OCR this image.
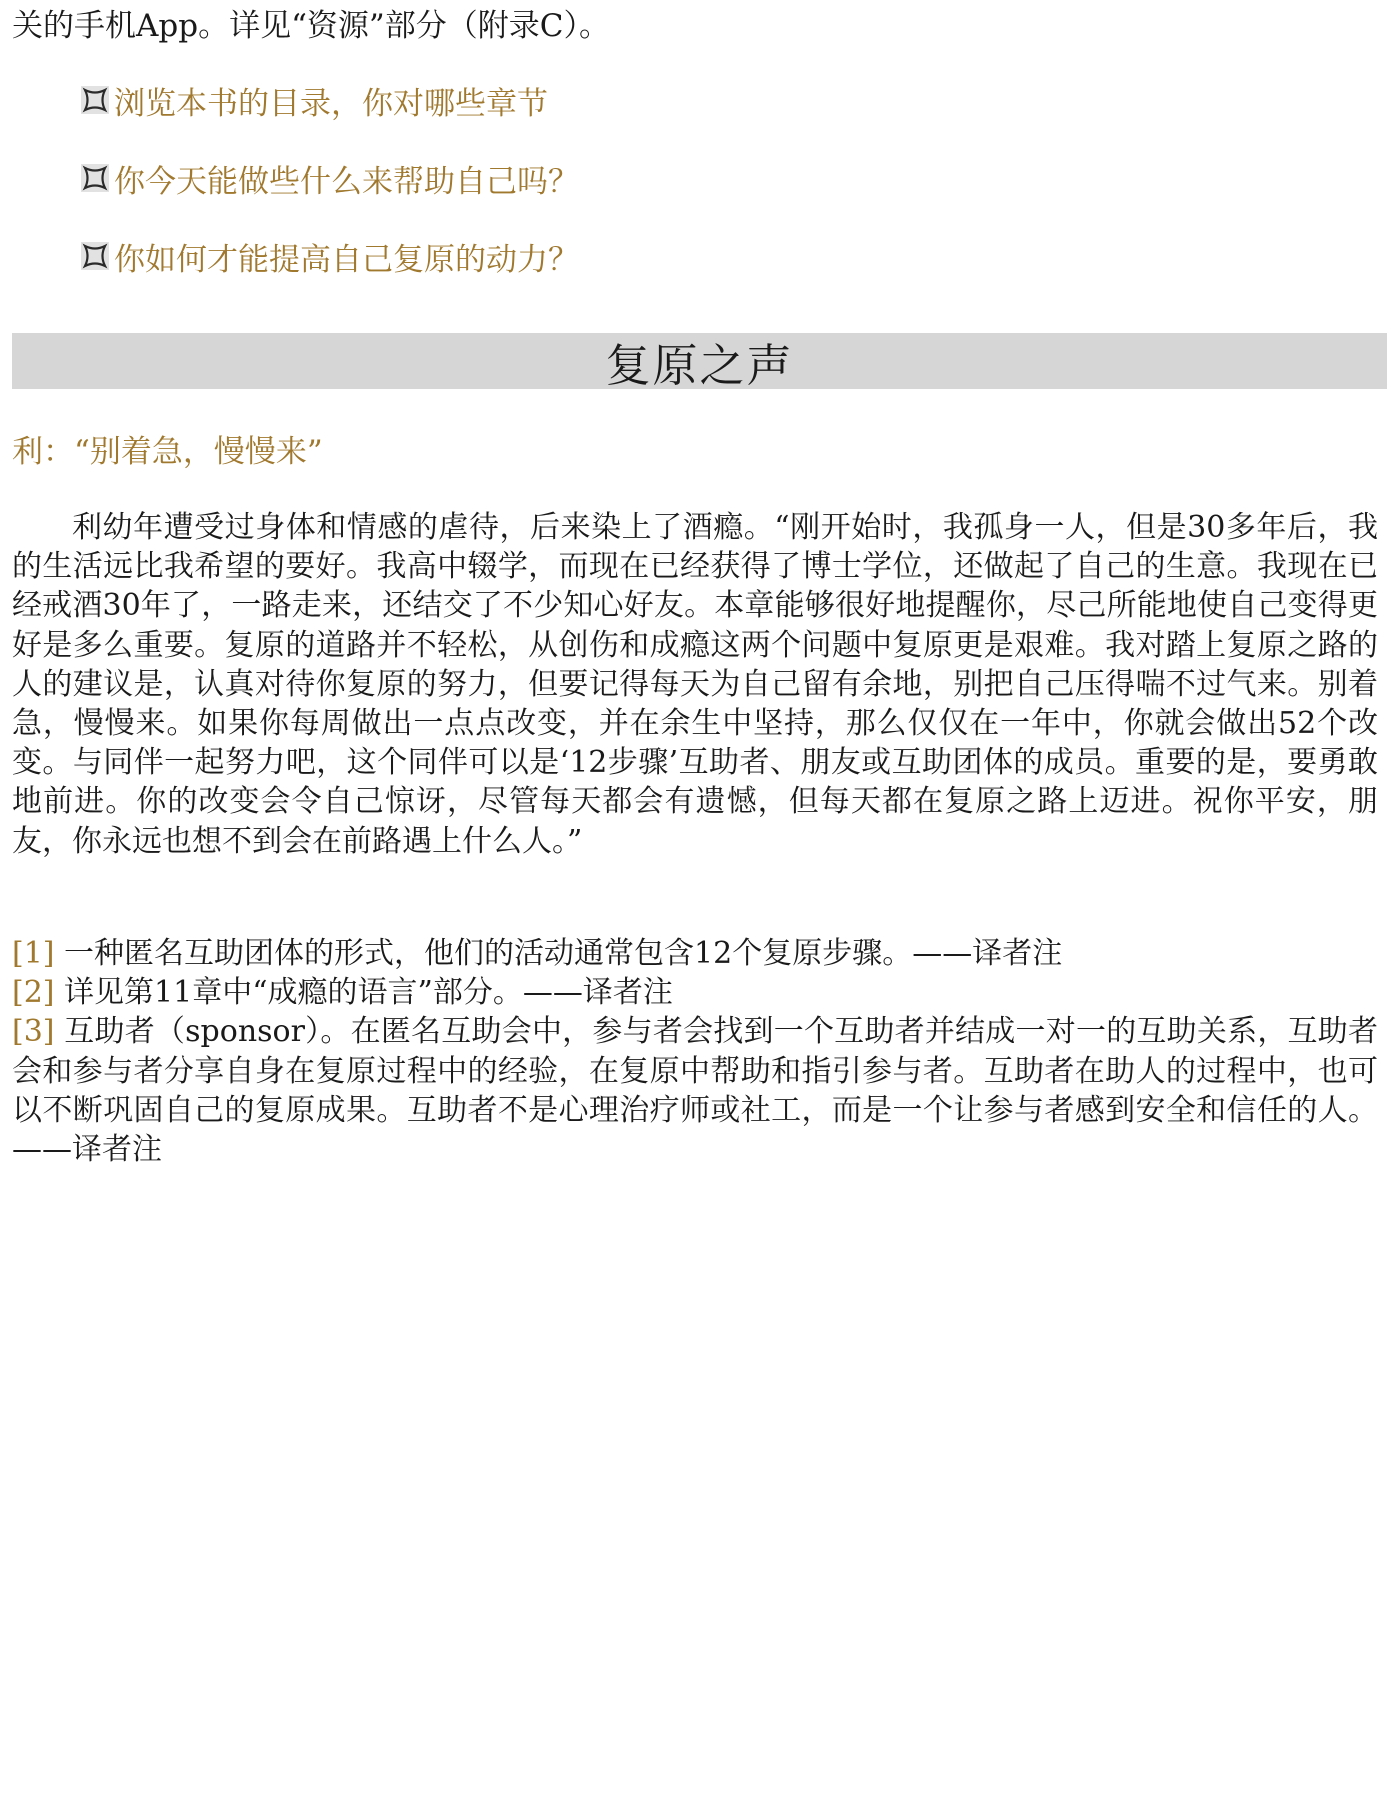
关的手机App。详见“资源”部分（附录C）。
浏览本书的目录，你对哪些章节
你今天能做些什么来帮助自己吗？
你如何才能提高自己复原的动力？
复原之声
利：“别着急，慢慢来”

利幼年遭受过身体和情感的虐待，后来染上了酒瘾。“刚开始时，我孤身一人，但是30多年后，我的生活远比我希望的要好。我高中辍学，而现在已经获得了博士学位，还做起了自己的生意。我现在已经戒酒30年了，一路走来，还结交了不少知心好友。本章能够很好地提醒你，尽己所能地使自己变得更好是多么重要。复原的道路并不轻松，从创伤和成瘾这两个问题中复原更是艰难。我对踏上复原之路的人的建议是，认真对待你复原的努力，但要记得每天为自己留有余地，别把自己压得喘不过气来。别着急，慢慢来。如果你每周做出一点点改变，并在余生中坚持，那么仅仅在一年中，你就会做出52个改变。与同伴一起努力吧，这个同伴可以是‘12步骤’互助者、朋友或互助团体的成员。重要的是，要勇敢地前进。你的改变会令自己惊讶，尽管每天都会有遗憾，但每天都在复原之路上迈进。祝你平安，朋友，你永远也想不到会在前路遇上什么人。”

[1] 一种匿名互助团体的形式，他们的活动通常包含12个复原步骤。——译者注

[2] 详见第11章中“成瘾的语言”部分。——译者注

[3] 互助者（sponsor）。在匿名互助会中，参与者会找到一个互助者并结成一对一的互助关系，互助者会和参与者分享自身在复原过程中的经验，在复原中帮助和指引参与者。互助者在助人的过程中，也可以不断巩固自己的复原成果。互助者不是心理治疗师或社工，而是一个让参与者感到安全和信任的人。——译者注
